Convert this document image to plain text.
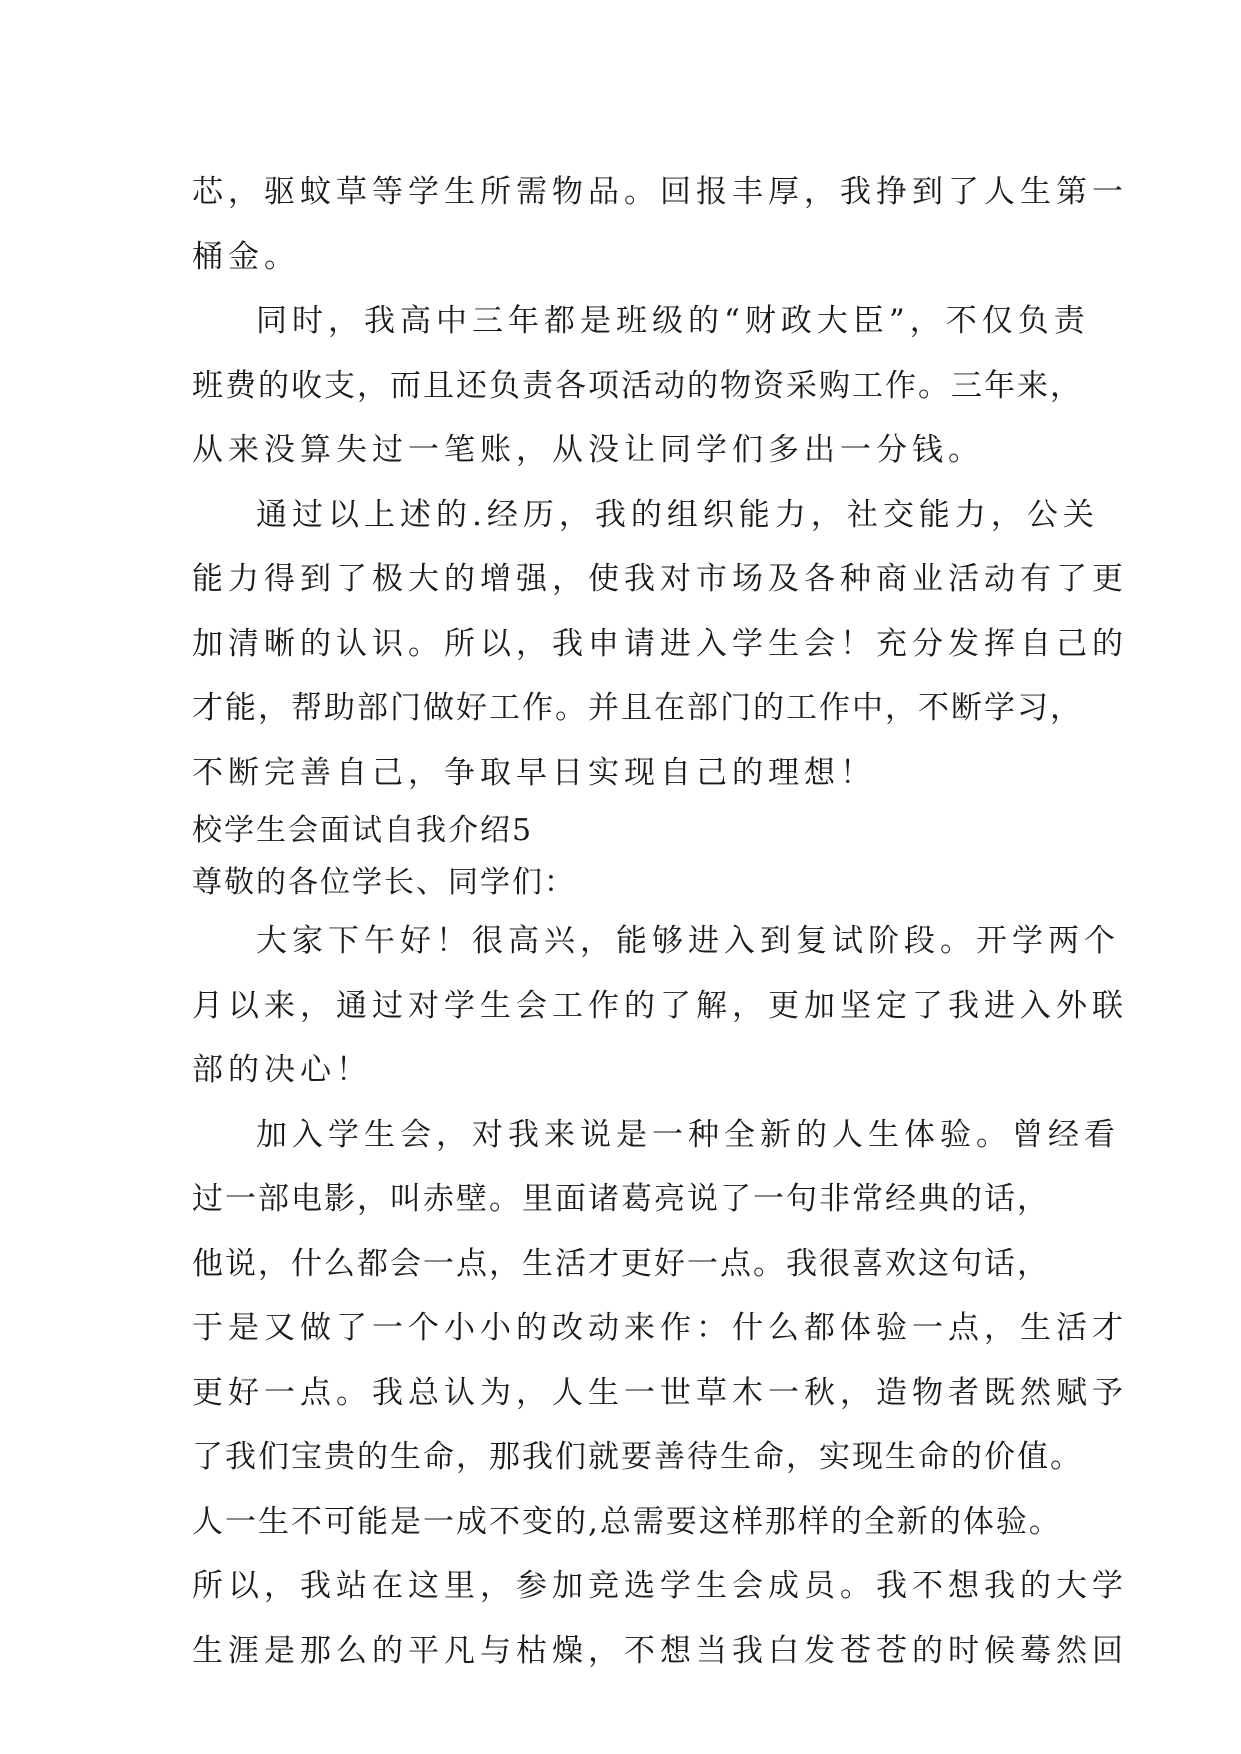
芯，驱蚊草等学生所需物品。回报丰厚，我挣到了人生第一
桶金。
同时，我高中三年都是班级的“财政大臣”，不仅负责
班费的收支，而且还负责各项活动的物资采购工作。三年来，
从来没算失过一笔账，从没让同学们多出一分钱。
通过以上述的.经历，我的组织能力，社交能力，公关
能力得到了极大的增强，使我对市场及各种商业活动有了更
加清晰的认识。所以，我申请进入学生会！充分发挥自己的
才能，帮助部门做好工作。并且在部门的工作中，不断学习，
不断完善自己，争取早日实现自己的理想！
校学生会面试自我介绍5
尊敬的各位学长、同学们：
大家下午好！很高兴，能够进入到复试阶段。开学两个
月以来，通过对学生会工作的了解，更加坚定了我进入外联
部的决心！
加入学生会，对我来说是一种全新的人生体验。曾经看
过一部电影，叫赤壁。里面诸葛亮说了一句非常经典的话，
他说，什么都会一点，生活才更好一点。我很喜欢这句话，
于是又做了一个小小的改动来作：什么都体验一点，生活才
更好一点。我总认为，人生一世草木一秋，造物者既然赋予
了我们宝贵的生命，那我们就要善待生命，实现生命的价值。
人一生不可能是一成不变的,总需要这样那样的全新的体验。
所以，我站在这里，参加竞选学生会成员。我不想我的大学
生涯是那么的平凡与枯燥，不想当我白发苍苍的时候蓦然回
